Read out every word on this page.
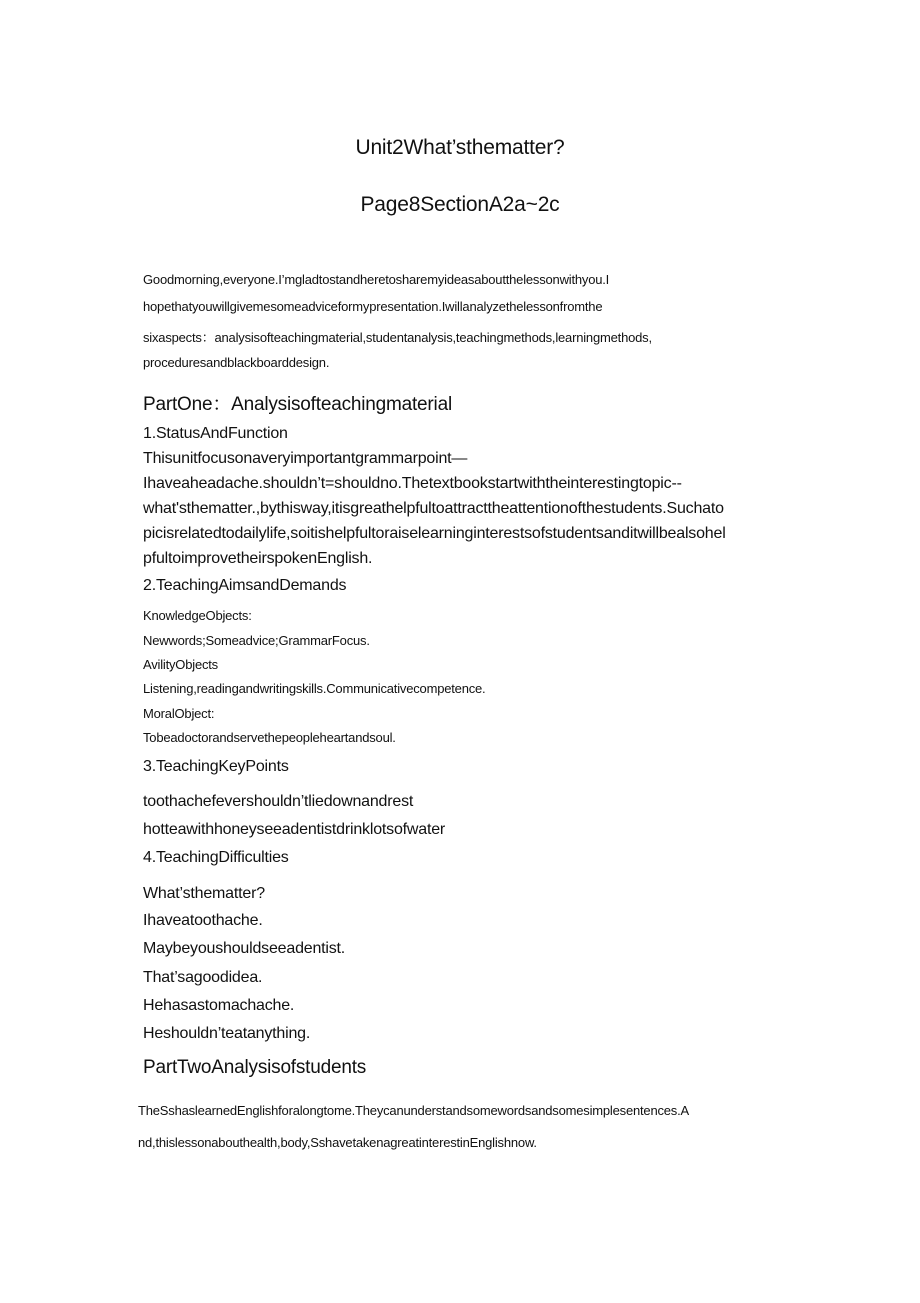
Unit2What’sthematter?
Page8SectionA2a~2c
Goodmorning,everyone.I’mgladtostandheretosharemyideasaboutthelessonwithyou.I
hopethatyouwillgivemesomeadviceformypresentation.Iwillanalyzethelessonfromthe
sixaspects：analysisofteachingmaterial,studentanalysis,teachingmethods,learningmethods,
proceduresandblackboarddesign.
PartOne：Analysisofteachingmaterial
1.StatusAndFunction
Thisunitfocusonaveryimportantgrammarpoint—
Ihaveaheadache.shouldn’t=shouldno.Thetextbookstartwiththeinterestingtopic--
what'sthematter.,bythisway,itisgreathelpfultoattracttheattentionofthestudents.Suchato
picisrelatedtodailylife,soitishelpfultoraiselearninginterestsofstudentsanditwillbealsohel
pfultoimprovetheirspokenEnglish.
2.TeachingAimsandDemands
KnowledgeObjects:
Newwords;Someadvice;GrammarFocus.
AvilityObjects
Listening,readingandwritingskills.Communicativecompetence.
MoralObject:
Tobeadoctorandservethepeopleheartandsoul.
3.TeachingKeyPoints
toothachefevershouldn’tliedownandrest
hotteawithhoneyseeadentistdrinklotsofwater
4.TeachingDifficulties
What’sthematter?
Ihaveatoothache.
Maybeyoushouldseeadentist.
That’sagoodidea.
Hehasastomachache.
Heshouldn’teatanything.
PartTwoAnalysisofstudents
TheSshaslearnedEnglishforalongtome.Theycanunderstandsomewordsandsomesimplesentences.A
nd,thislessonabouthealth,body,SshavetakenagreatinterestinEnglishnow.
